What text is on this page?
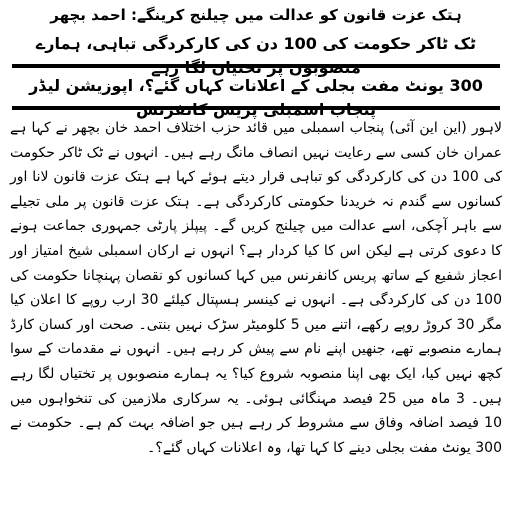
ہتک عزت قانون کو عدالت میں چیلنج کرینگے: احمد بچھر
ٹک ٹاکر حکومت کی 100 دن کی کارکردگی تباہی، ہمارے منصوبوں پر تختیاں لگا رہے
300 یونٹ مفت بجلی کے اعلانات کہاں گئے؟، اپوزیشن لیڈر پنجاب اسمبلی پریس کانفرنس

لاہور (این این آئی) پنجاب اسمبلی میں قائد حزب اختلاف احمد خان بچھر نے کہا ہے عمران خان کسی سے رعایت نہیں انصاف مانگ رہے ہیں۔ انہوں نے ٹک ٹاکر حکومت کی 100 دن کی کارکردگی کو تباہی قرار دیتے ہوئے کہا ہے ہتک عزت قانون لانا اور کسانوں سے گندم نہ خریدنا حکومتی کارکردگی ہے۔ ہتک عزت قانون پر ملی تجیلے سے باہر آچکی، اسے عدالت میں چیلنج کریں گے۔ پیپلز پارٹی جمہوری جماعت ہونے کا دعوی کرتی ہے لیکن اس کا کیا کردار ہے؟ انہوں نے ارکان اسمبلی شیخ امتیاز اور اعجاز شفیع کے ساتھ پریس کانفرنس میں کہا کسانوں کو نقصان پہنچانا حکومت کی 100 دن کی کارکردگی ہے۔ انہوں نے کینسر ہسپتال کیلئے 30 ارب روپے کا اعلان کیا مگر 30 کروڑ روپے رکھے، اتنے میں 5 کلومیٹر سڑک نہیں بنتی۔ صحت اور کسان کارڈ ہمارے منصوبے تھے، جنھیں اپنے نام سے پیش کر رہے ہیں۔ انہوں نے مقدمات کے سوا کچھ نہیں کیا، ایک بھی اپنا منصوبہ شروع کیا؟ یہ ہمارے منصوبوں پر تختیاں لگا رہے ہیں۔ 3 ماہ میں 25 فیصد مہنگائی ہوئی۔ یہ سرکاری ملازمین کی تنخواہوں میں 10 فیصد اضافہ وفاق سے مشروط کر رہے ہیں جو اضافہ بہت کم ہے۔ حکومت نے 300 یونٹ مفت بجلی دینے کا کہا تھا، وہ اعلانات کہاں گئے؟۔
